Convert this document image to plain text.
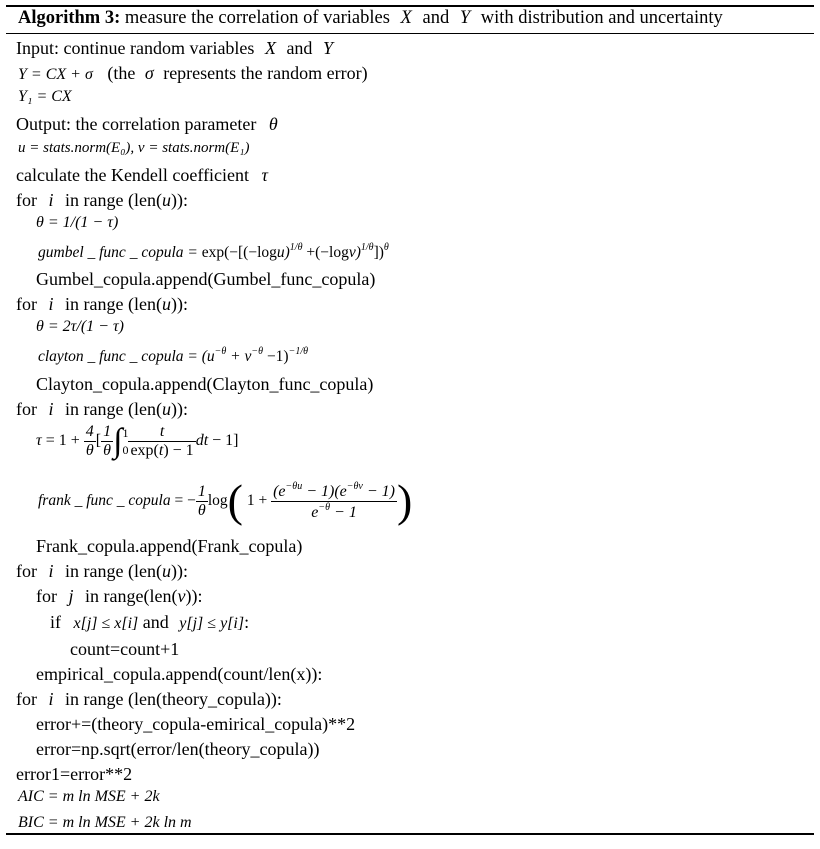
Algorithm 3: measure the correlation of variables X and Y with distribution and uncertainty
Input: continue random variables X and Y
Y = CX + σ (the σ represents the random error)
Y₁ = CX
Output: the correlation parameter θ
u = stats.norm(E₀), v = stats.norm(E₁)
calculate the Kendell coefficient τ
for i in range (len(u)):
θ = 1/(1 − τ)
gumbel _ func _ copula = $\exp(-[(-\log u)^{1/\theta} +(-\log v)^{1/\theta}])^\theta$
Gumbel_copula.append(Gumbel_func_copula)
for i in range (len(u)):
θ = 2τ/(1 − τ)
clayton _ func _ copula = $(u^{-\theta} + v^{-\theta} -1)^{-1/\theta}$
Clayton_copula.append(Clayton_func_copula)
for i in range (len(u)):
$\tau = 1 + \frac{4}{\theta}$ [ $\frac{1}{\theta}$ ∫ 1
$0 \frac{t}{\exp(t) - 1}$ dt − 1]
frank _ func _ copula = − $\frac{1}{\theta} \log$( $1 + \frac{(e^{-\theta u} - 1)(e^{-\theta v} - 1)}{e^{-\theta} - 1}$ )
Frank_copula.append(Frank_copula)
for i in range (len(u)):
for j in range(len(v)):
if x[j] ≤ x[i] and y[j] ≤ y[i]:
count=count+1
empirical_copula.append(count/len(x)):
for i in range (len(theory_copula)):
error+=(theory_copula-emirical_copula)**2
error=np.sqrt(error/len(theory_copula))
error1=error**2
AIC = m ln MSE + 2k
BIC = m ln MSE + 2k ln m
